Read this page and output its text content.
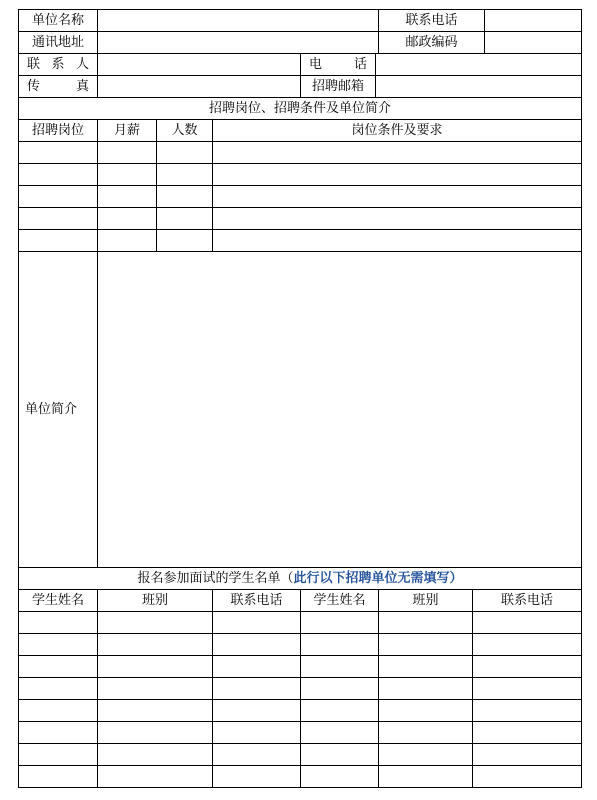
单位名称						联系电话		
通讯地址						邮政编码		
联 系 人				电 话				
传 真				招聘邮箱				
招聘岗位、招聘条件及单位简介								
招聘岗位	月薪	人数	岗位条件及要求					

单位简介								
报名参加面试的学生名单（此行以下招聘单位无需填写）								
学生姓名	班别		联系电话	学生姓名		班别	联系电话	
